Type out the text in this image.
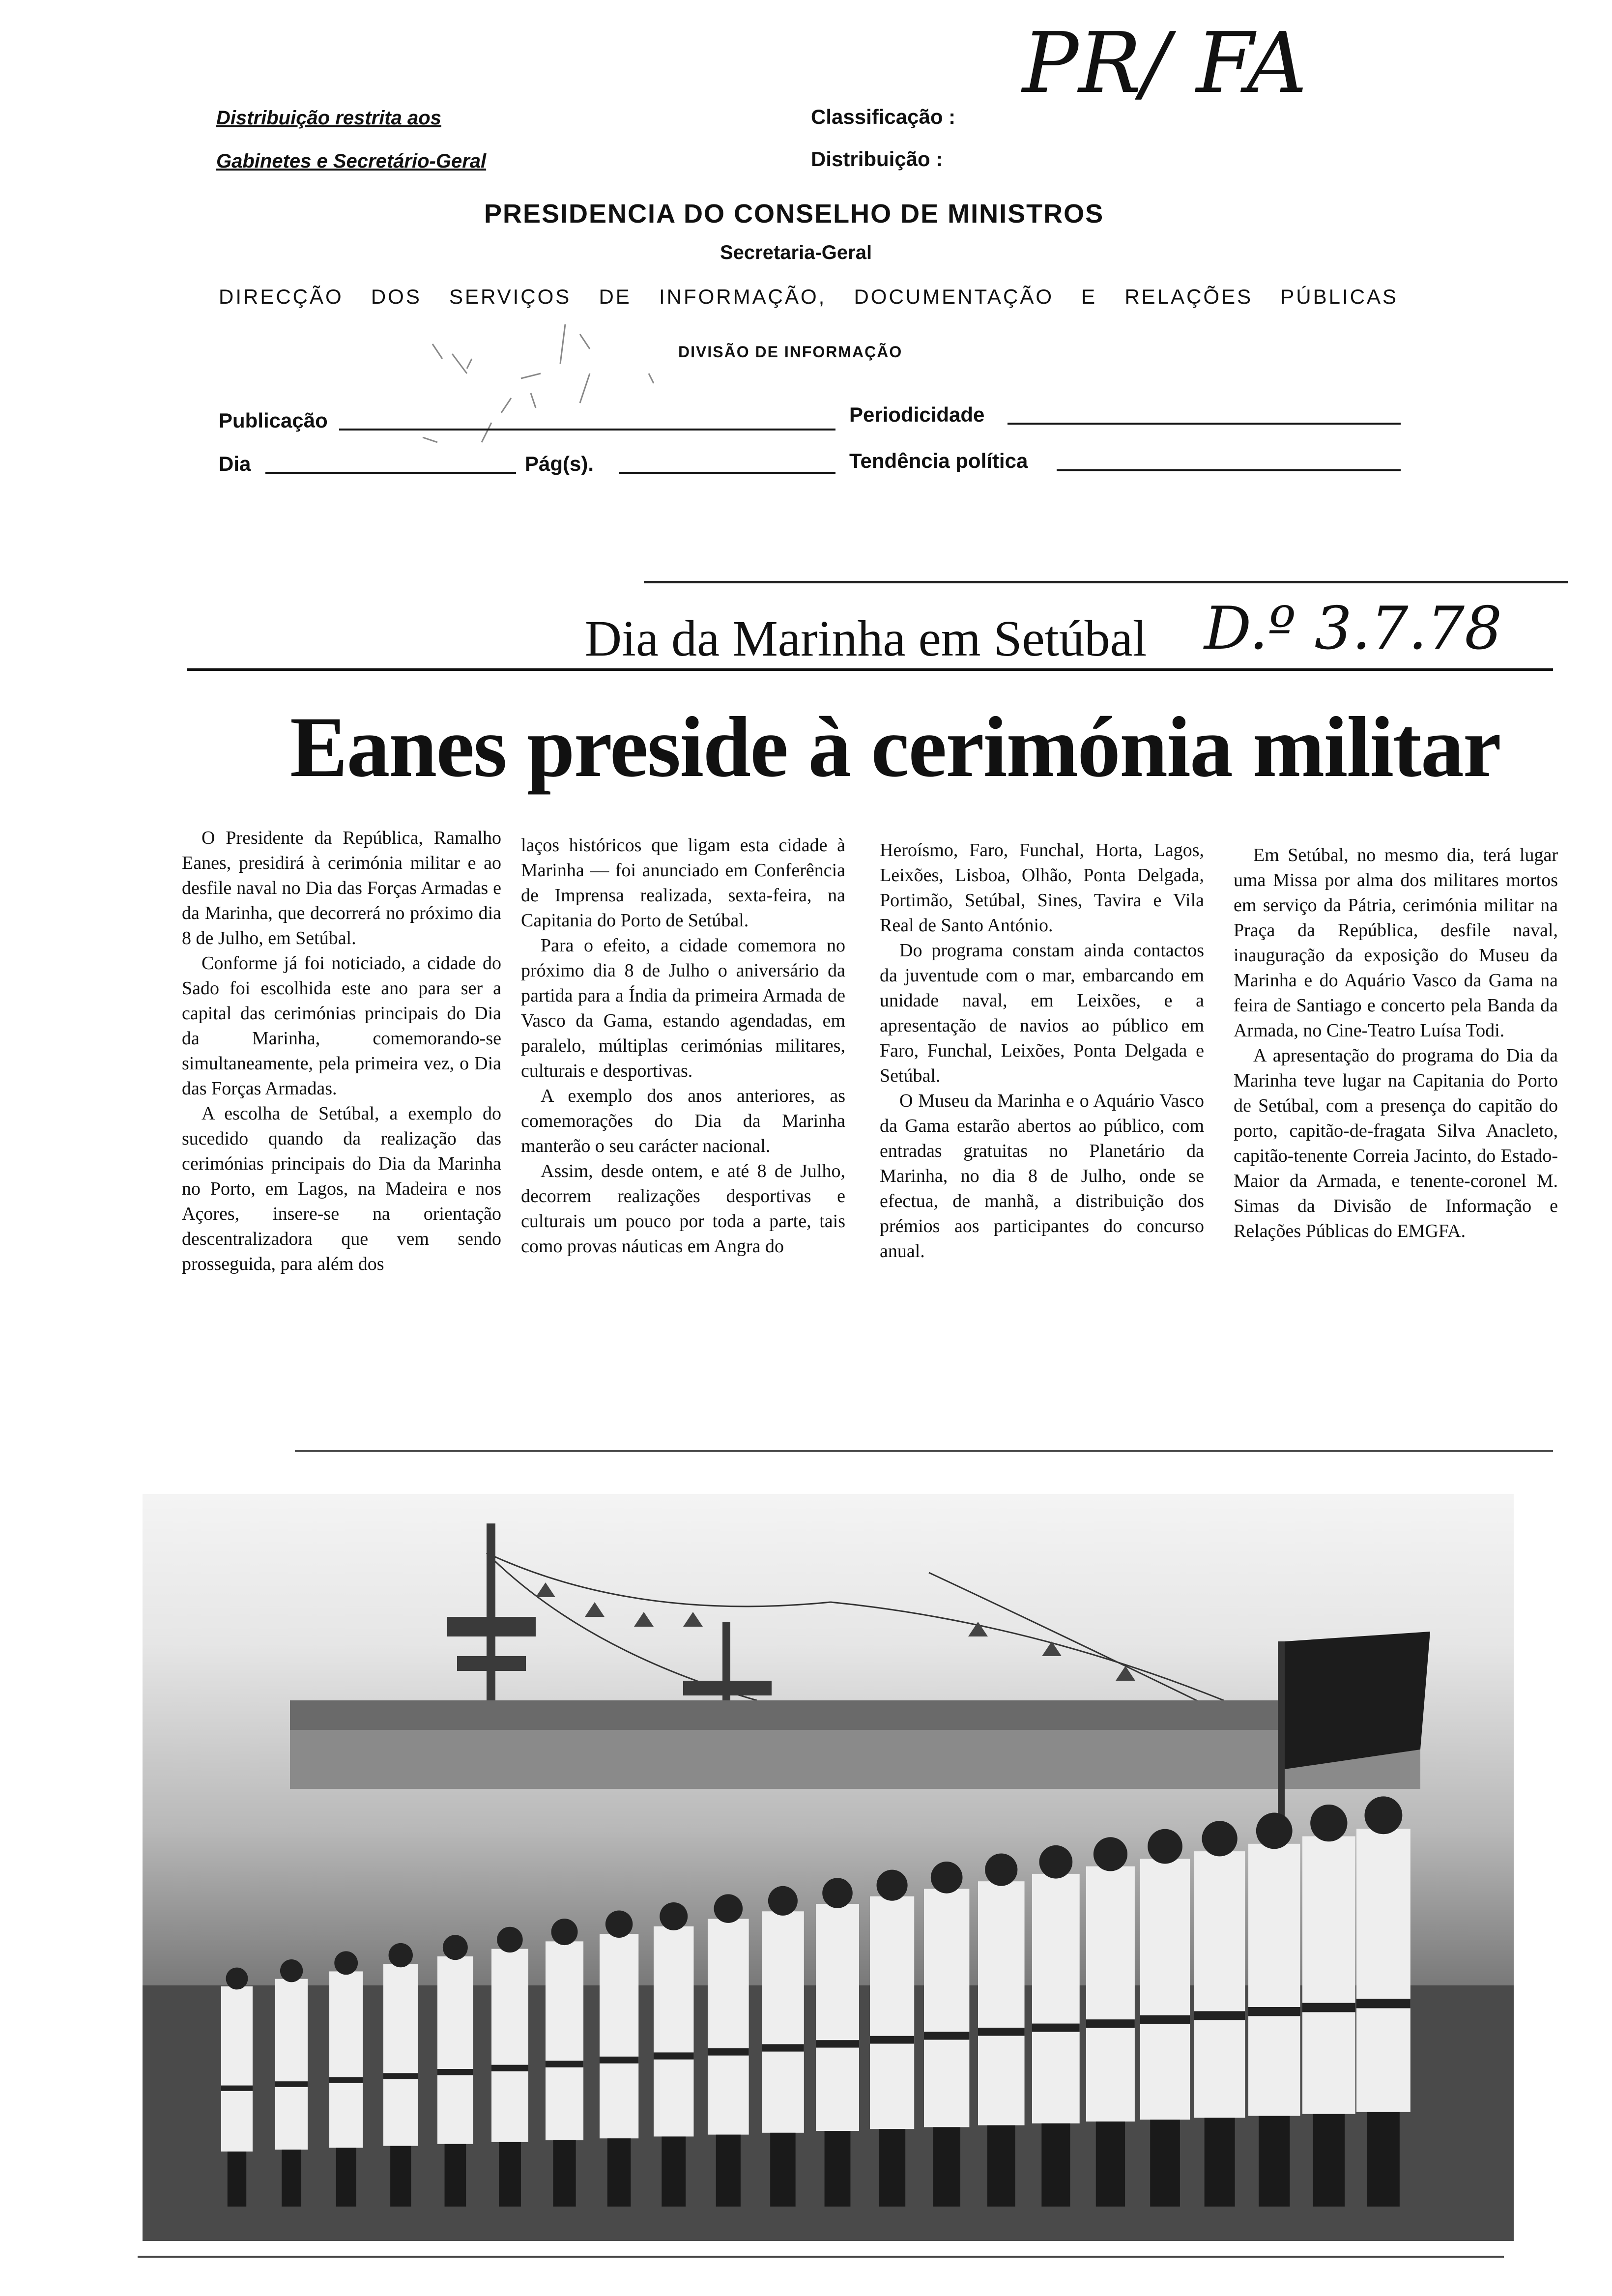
Distribuição restrita aos
Gabinetes e Secretário-Geral
Classificação :
Distribuição :
PR/ FA
PRESIDENCIA DO CONSELHO DE MINISTROS
Secretaria-Geral
DIRECÇÃO DOS SERVIÇOS DE INFORMAÇÃO, DOCUMENTAÇÃO E RELAÇÕES PÚBLICAS
DIVISÃO DE INFORMAÇÃO
Publicação	Periodicidade
Dia	Pág(s).	Tendência política
Dia da Marinha em Setúbal D.º 3.7.78
Eanes preside à cerimónia militar

O Presidente da República, Ramalho Eanes, presidirá à cerimónia militar e ao desfile naval no Dia das Forças Armadas e da Marinha, que decorrerá no próximo dia 8 de Julho, em Setúbal.

Conforme já foi noticiado, a cidade do Sado foi escolhida este ano para ser a capital das cerimónias principais do Dia da Marinha, comemorando-se simultaneamente, pela primeira vez, o Dia das Forças Armadas.

A escolha de Setúbal, a exemplo do sucedido quando da realização das cerimónias principais do Dia da Marinha no Porto, em Lagos, na Madeira e nos Açores, insere-se na orientação descentralizadora que vem sendo prosseguida, para além dos

laços históricos que ligam esta cidade à Marinha — foi anunciado em Conferência de Imprensa realizada, sexta-feira, na Capitania do Porto de Setúbal.

Para o efeito, a cidade comemora no próximo dia 8 de Julho o aniversário da partida para a Índia da primeira Armada de Vasco da Gama, estando agendadas, em paralelo, múltiplas cerimónias militares, culturais e desportivas.

A exemplo dos anos anteriores, as comemorações do Dia da Marinha manterão o seu carácter nacional.

Assim, desde ontem, e até 8 de Julho, decorrem realizações desportivas e culturais um pouco por toda a parte, tais como provas náuticas em Angra do

Heroísmo, Faro, Funchal, Horta, Lagos, Leixões, Lisboa, Olhão, Ponta Delgada, Portimão, Setúbal, Sines, Tavira e Vila Real de Santo António.

Do programa constam ainda contactos da juventude com o mar, embarcando em unidade naval, em Leixões, e a apresentação de navios ao público em Faro, Funchal, Leixões, Ponta Delgada e Setúbal.

O Museu da Marinha e o Aquário Vasco da Gama estarão abertos ao público, com entradas gratuitas no Planetário da Marinha, no dia 8 de Julho, onde se efectua, de manhã, a distribuição dos prémios aos participantes do concurso anual.

Em Setúbal, no mesmo dia, terá lugar uma Missa por alma dos militares mortos em serviço da Pátria, cerimónia militar na Praça da República, desfile naval, inauguração da exposição do Museu da Marinha e do Aquário Vasco da Gama na feira de Santiago e concerto pela Banda da Armada, no Cine-Teatro Luísa Todi.

A apresentação do programa do Dia da Marinha teve lugar na Capitania do Porto de Setúbal, com a presença do capitão do porto, capitão-de-fragata Silva Anacleto, capitão-tenente Correia Jacinto, do Estado-Maior da Armada, e tenente-coronel M. Simas da Divisão de Informação e Relações Públicas do EMGFA.
